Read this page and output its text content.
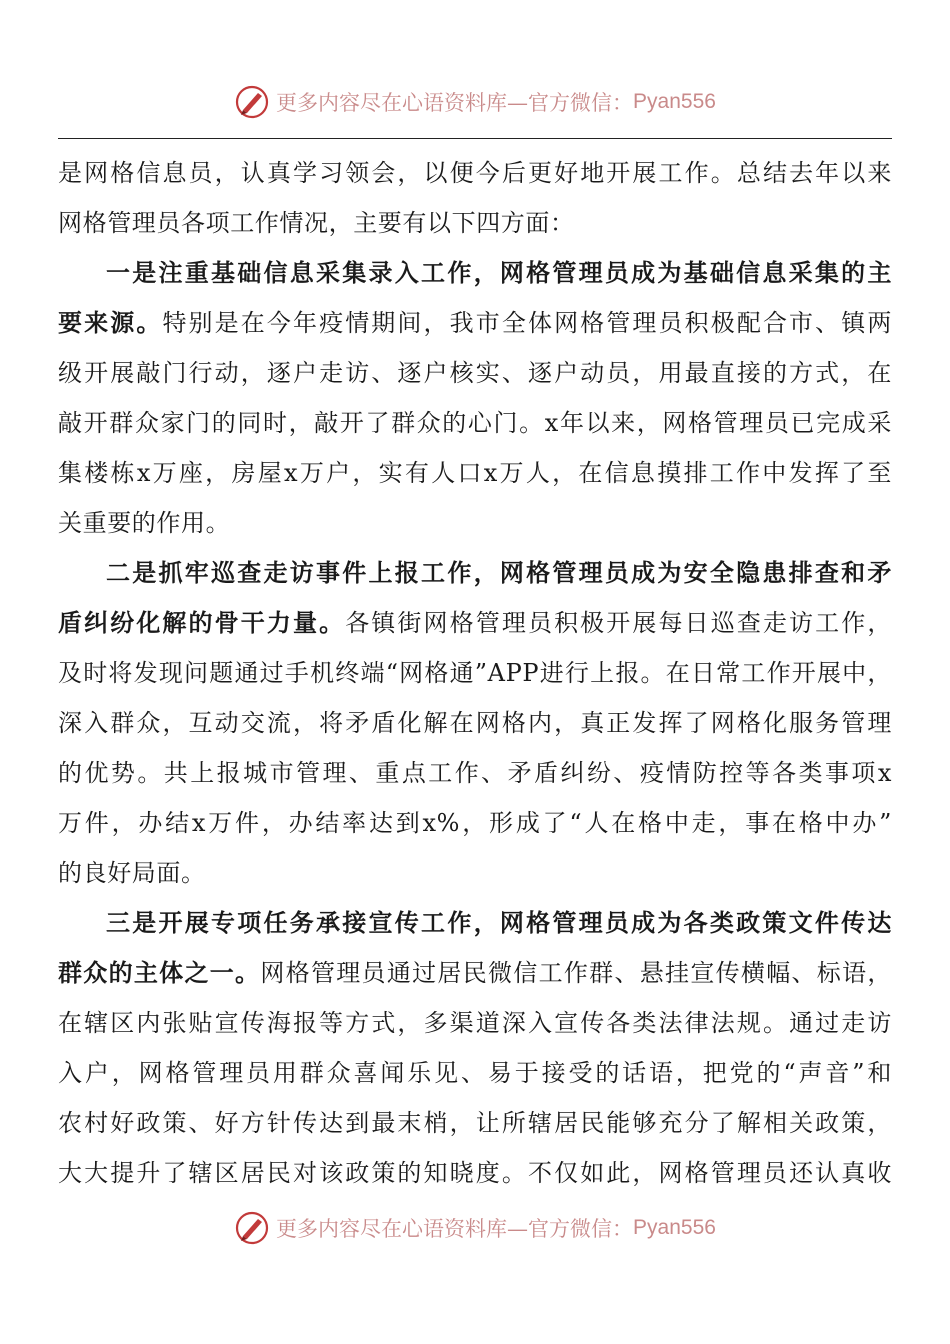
更多内容尽在心语资料库—官方微信： Pyan556
是网格信息员，认真学习领会，以便今后更好地开展工作。总结去年以来
网格管理员各项工作情况，主要有以下四方面：
一是注重基础信息采集录入工作，网格管理员成为基础信息采集的主
要来源。特别是在今年疫情期间，我市全体网格管理员积极配合市、镇两
级开展敲门行动，逐户走访、逐户核实、逐户动员，用最直接的方式，在
敲开群众家门的同时，敲开了群众的心门。x年以来，网格管理员已完成采
集楼栋x万座，房屋x万户，实有人口x万人，在信息摸排工作中发挥了至
关重要的作用。
二是抓牢巡查走访事件上报工作，网格管理员成为安全隐患排查和矛
盾纠纷化解的骨干力量。各镇街网格管理员积极开展每日巡查走访工作，
及时将发现问题通过手机终端“网格通”APP进行上报。在日常工作开展中，
深入群众，互动交流，将矛盾化解在网格内，真正发挥了网格化服务管理
的优势。共上报城市管理、重点工作、矛盾纠纷、疫情防控等各类事项x
万件，办结x万件，办结率达到x%，形成了“人在格中走，事在格中办”
的良好局面。
三是开展专项任务承接宣传工作，网格管理员成为各类政策文件传达
群众的主体之一。网格管理员通过居民微信工作群、悬挂宣传横幅、标语，
在辖区内张贴宣传海报等方式，多渠道深入宣传各类法律法规。通过走访
入户，网格管理员用群众喜闻乐见、易于接受的话语，把党的“声音”和
农村好政策、好方针传达到最末梢，让所辖居民能够充分了解相关政策，
大大提升了辖区居民对该政策的知晓度。不仅如此，网格管理员还认真收
更多内容尽在心语资料库—官方微信： Pyan556
